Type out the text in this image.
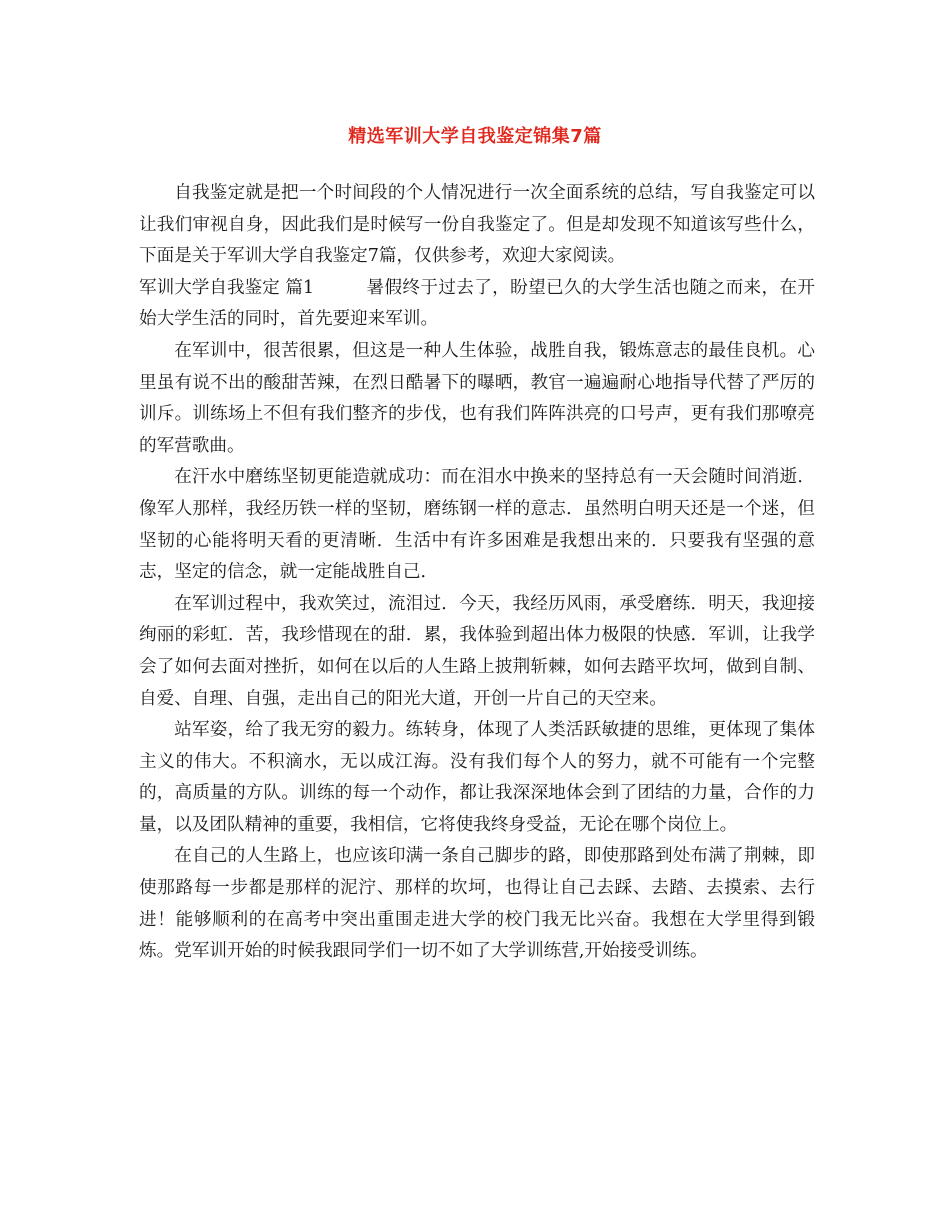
精选军训大学自我鉴定锦集7篇

自我鉴定就是把一个时间段的个人情况进行一次全面系统的总结，写自我鉴定可以让我们审视自身，因此我们是时候写一份自我鉴定了。但是却发现不知道该写些什么，下面是关于军训大学自我鉴定7篇，仅供参考，欢迎大家阅读。

军训大学自我鉴定 篇1	暑假终于过去了，盼望已久的大学生活也随之而来，在开始大学生活的同时，首先要迎来军训。

在军训中，很苦很累，但这是一种人生体验，战胜自我，锻炼意志的最佳良机。心里虽有说不出的酸甜苦辣，在烈日酷暑下的曝晒，教官一遍遍耐心地指导代替了严厉的训斥。训练场上不但有我们整齐的步伐，也有我们阵阵洪亮的口号声，更有我们那嘹亮的军营歌曲。

在汗水中磨练坚韧更能造就成功：而在泪水中换来的坚持总有一天会随时间消逝．像军人那样，我经历铁一样的坚韧，磨练钢一样的意志．虽然明白明天还是一个迷，但坚韧的心能将明天看的更清晰．生活中有许多困难是我想出来的．只要我有坚强的意志，坚定的信念，就一定能战胜自己．

在军训过程中，我欢笑过，流泪过．今天，我经历风雨，承受磨练．明天，我迎接绚丽的彩虹．苦，我珍惜现在的甜．累，我体验到超出体力极限的快感．军训，让我学会了如何去面对挫折，如何在以后的人生路上披荆斩棘，如何去踏平坎坷，做到自制、自爱、自理、自强，走出自己的阳光大道，开创一片自己的天空来。

站军姿，给了我无穷的毅力。练转身，体现了人类活跃敏捷的思维，更体现了集体主义的伟大。不积滴水，无以成江海。没有我们每个人的努力，就不可能有一个完整的，高质量的方队。训练的每一个动作，都让我深深地体会到了团结的力量，合作的力量，以及团队精神的重要，我相信，它将使我终身受益，无论在哪个岗位上。

在自己的人生路上，也应该印满一条自己脚步的路，即使那路到处布满了荆棘，即使那路每一步都是那样的泥泞、那样的坎坷，也得让自己去踩、去踏、去摸索、去行进！能够顺利的在高考中突出重围走进大学的校门我无比兴奋。我想在大学里得到锻炼。党军训开始的时候我跟同学们一切不如了大学训练营,开始接受训练。
